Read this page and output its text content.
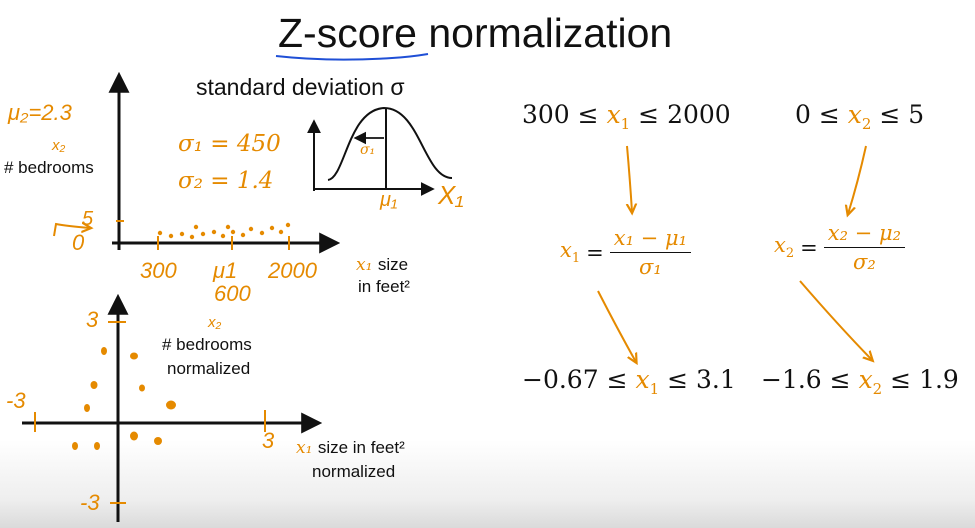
Z-score normalization
μ₂=2.3
x₂
# bedrooms
5
0
300 μ1
600
2000 x₁ size
in feet²
standard deviation σ
σ₁ = 450
σ₂ = 1.4
σ₁
μ₁ X₁
3
-3
-3
3
x₂
# bedrooms
normalized
x₁ size in feet²
normalized
$300 \le x_1 \le 2000$	$0 \le x_2 \le 5$
$x_1 = \frac{\text{x₁ − μ₁}}{\text{σ₁}}$	$x_2 = \frac{\text{x₂ − μ₂}}{\text{σ₂}}$
$-0.67 \le x_1 \le 3.1 -1.6 \le x_2 \le 1.9$
